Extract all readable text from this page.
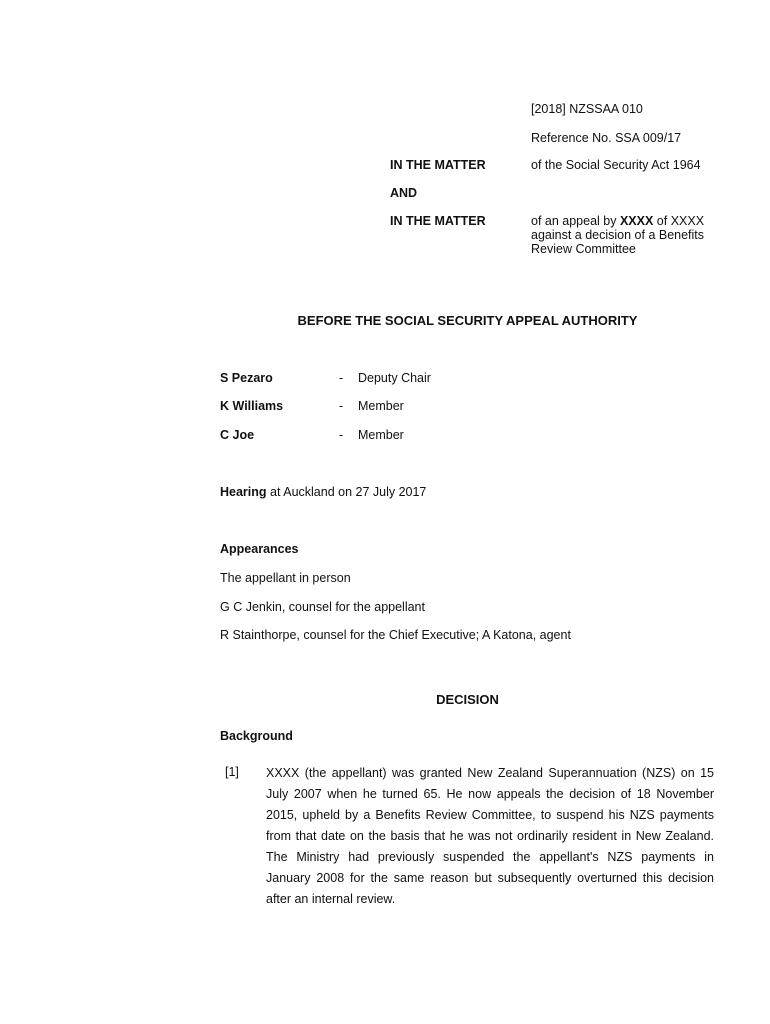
[2018] NZSSAA 010
Reference No. SSA 009/17
IN THE MATTER	of the Social Security Act 1964
AND
IN THE MATTER	of an appeal by XXXX of XXXX
against a decision of a Benefits
Review Committee
BEFORE THE SOCIAL SECURITY APPEAL AUTHORITY
S Pezaro	- Deputy Chair
K Williams	- Member
C Joe	- Member
Hearing at Auckland on 27 July 2017
Appearances
The appellant in person
G C Jenkin, counsel for the appellant
R Stainthorpe, counsel for the Chief Executive; A Katona, agent
DECISION
Background
[1] XXXX (the appellant) was granted New Zealand Superannuation (NZS) on 15
July 2007 when he turned 65. He now appeals the decision of 18 November
2015, upheld by a Benefits Review Committee, to suspend his NZS payments
from that date on the basis that he was not ordinarily resident in New Zealand.
The Ministry had previously suspended the appellant's NZS payments in
January 2008 for the same reason but subsequently overturned this decision
after an internal review.
